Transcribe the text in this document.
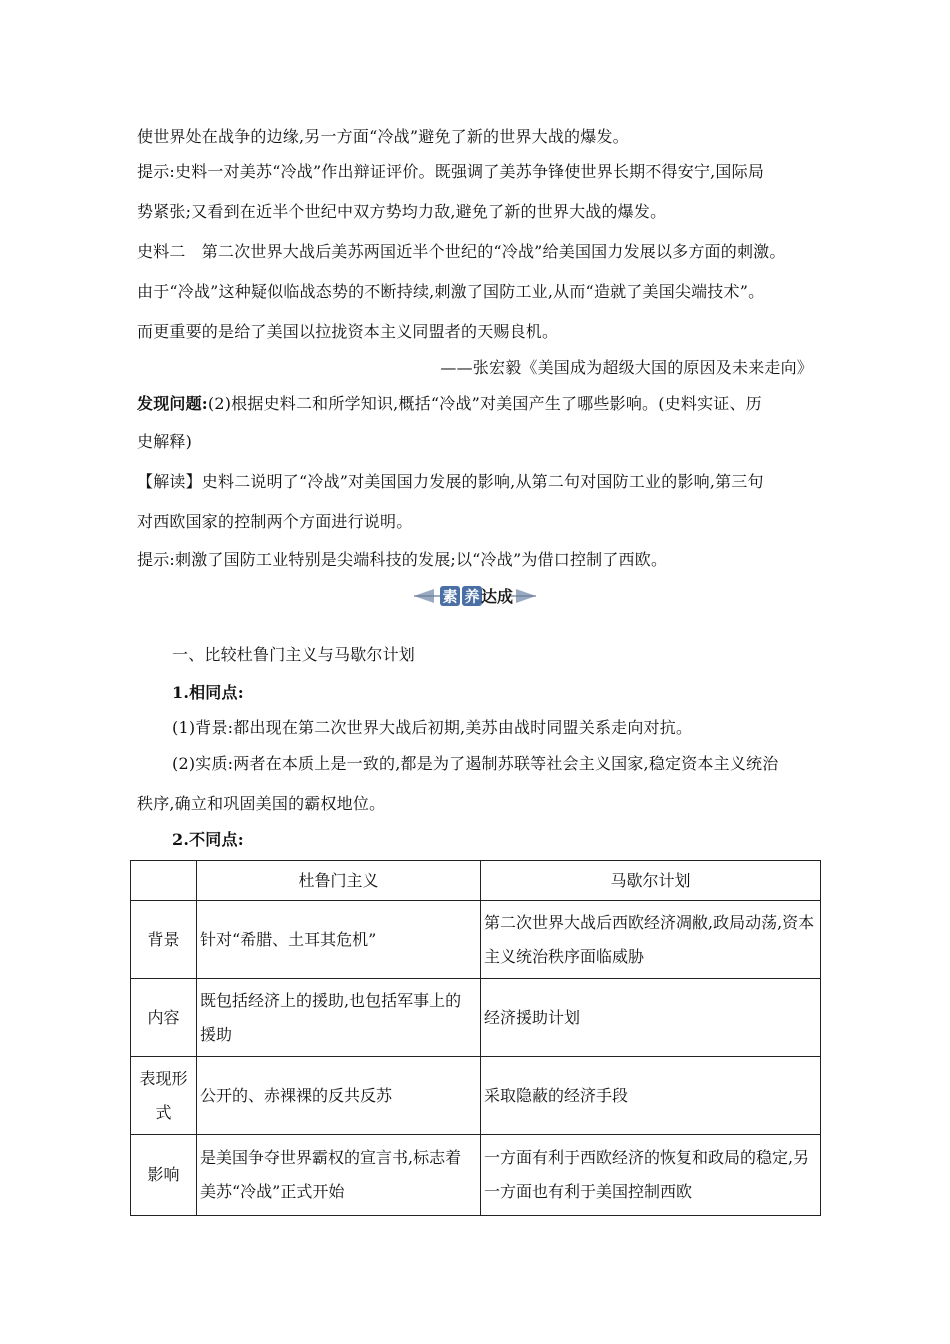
使世界处在战争的边缘,另一方面“冷战”避免了新的世界大战的爆发。
提示:史料一对美苏“冷战”作出辩证评价。既强调了美苏争锋使世界长期不得安宁,国际局
势紧张;又看到在近半个世纪中双方势均力敌,避免了新的世界大战的爆发。
史料二　第二次世界大战后美苏两国近半个世纪的“冷战”给美国国力发展以多方面的刺激。
由于“冷战”这种疑似临战态势的不断持续,刺激了国防工业,从而“造就了美国尖端技术”。
而更重要的是给了美国以拉拢资本主义同盟者的天赐良机。
——张宏毅《美国成为超级大国的原因及未来走向》
发现问题:(2)根据史料二和所学知识,概括“冷战”对美国产生了哪些影响。(史料实证、历
史解释)
【解读】史料二说明了“冷战”对美国国力发展的影响,从第二句对国防工业的影响,第三句
对西欧国家的控制两个方面进行说明。
提示:刺激了国防工业特别是尖端科技的发展;以“冷战”为借口控制了西欧。
素 养 达 成
一、比较杜鲁门主义与马歇尔计划
1.相同点:
(1)背景:都出现在第二次世界大战后初期,美苏由战时同盟关系走向对抗。
(2)实质:两者在本质上是一致的,都是为了遏制苏联等社会主义国家,稳定资本主义统治
秩序,确立和巩固美国的霸权地位。
2.不同点:
	杜鲁门主义	马歇尔计划
背景	针对“希腊、土耳其危机”	第二次世界大战后西欧经济凋敝,政局动荡,资本主义统治秩序面临威胁
内容	既包括经济上的援助,也包括军事上的援助	经济援助计划
表现形式	公开的、赤裸裸的反共反苏	采取隐蔽的经济手段
影响	是美国争夺世界霸权的宣言书,标志着美苏“冷战”正式开始	一方面有利于西欧经济的恢复和政局的稳定,另一方面也有利于美国控制西欧
